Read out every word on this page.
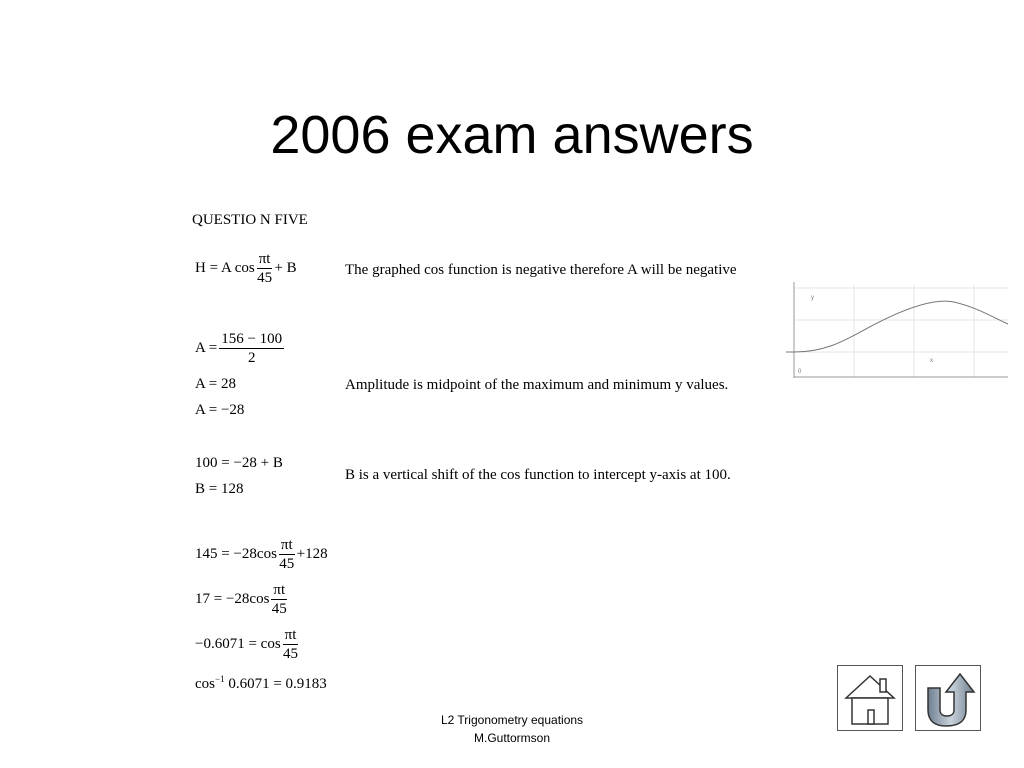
2006 exam answers
QUESTIO N FIVE
H = A $\cos \frac{\pi t}{45} + B$	The graphed cos function is negative therefore A will be negative
$A = \frac{156 - 100}{2}$
A = 28	Amplitude is midpoint of the maximum and minimum y values.
A = −28
100 = −28 + B
B is a vertical shift of the cos function to intercept y-axis at 100.
B = 128
$145 = -28\cos \frac{\pi t}{45} +128$
$17 = -28\cos \frac{\pi t}{45}$
$-0.6071 = \cos \frac{\pi t}{45}$
$\cos^{-1} 0.6071 = 0.9183$
y
x
0
L2 Trigonometry equations
M.Guttormson
